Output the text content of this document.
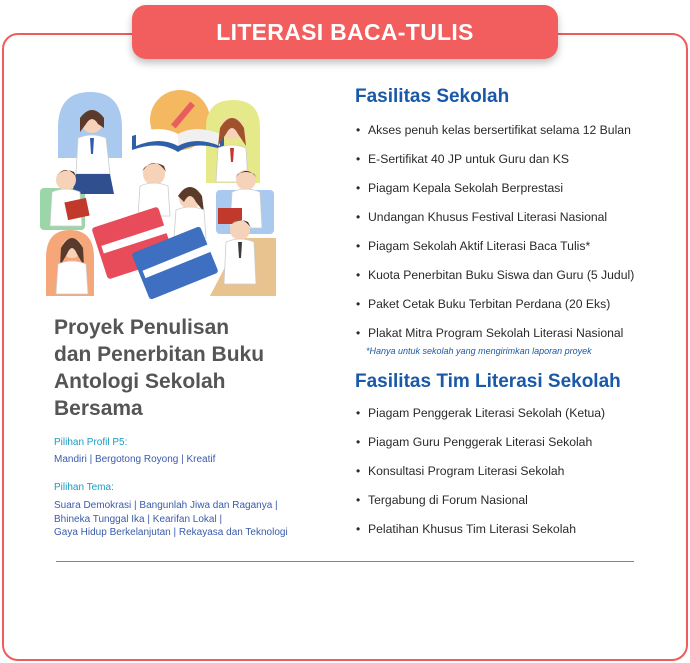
LITERASI BACA-TULIS
Proyek Penulisan
dan Penerbitan Buku
Antologi Sekolah
Bersama
Pilihan Profil P5:
Mandiri | Bergotong Royong | Kreatif
Pilihan Tema:
Suara Demokrasi | Bangunlah Jiwa dan Raganya |
Bhineka Tunggal Ika | Kearifan Lokal |
Gaya Hidup Berkelanjutan | Rekayasa dan Teknologi
Fasilitas Sekolah
• Akses penuh kelas bersertifikat selama 12 Bulan
• E-Sertifikat 40 JP untuk Guru dan KS
• Piagam Kepala Sekolah Berprestasi
• Undangan Khusus Festival Literasi Nasional
• Piagam Sekolah Aktif Literasi Baca Tulis*
• Kuota Penerbitan Buku Siswa dan Guru (5 Judul)
• Paket Cetak Buku Terbitan Perdana (20 Eks)
• Plakat Mitra Program Sekolah Literasi Nasional
*Hanya untuk sekolah yang mengirimkan laporan proyek
Fasilitas Tim Literasi Sekolah
• Piagam Penggerak Literasi Sekolah (Ketua)
• Piagam Guru Penggerak Literasi Sekolah
• Konsultasi Program Literasi Sekolah
• Tergabung di Forum Nasional
• Pelatihan Khusus Tim Literasi Sekolah
